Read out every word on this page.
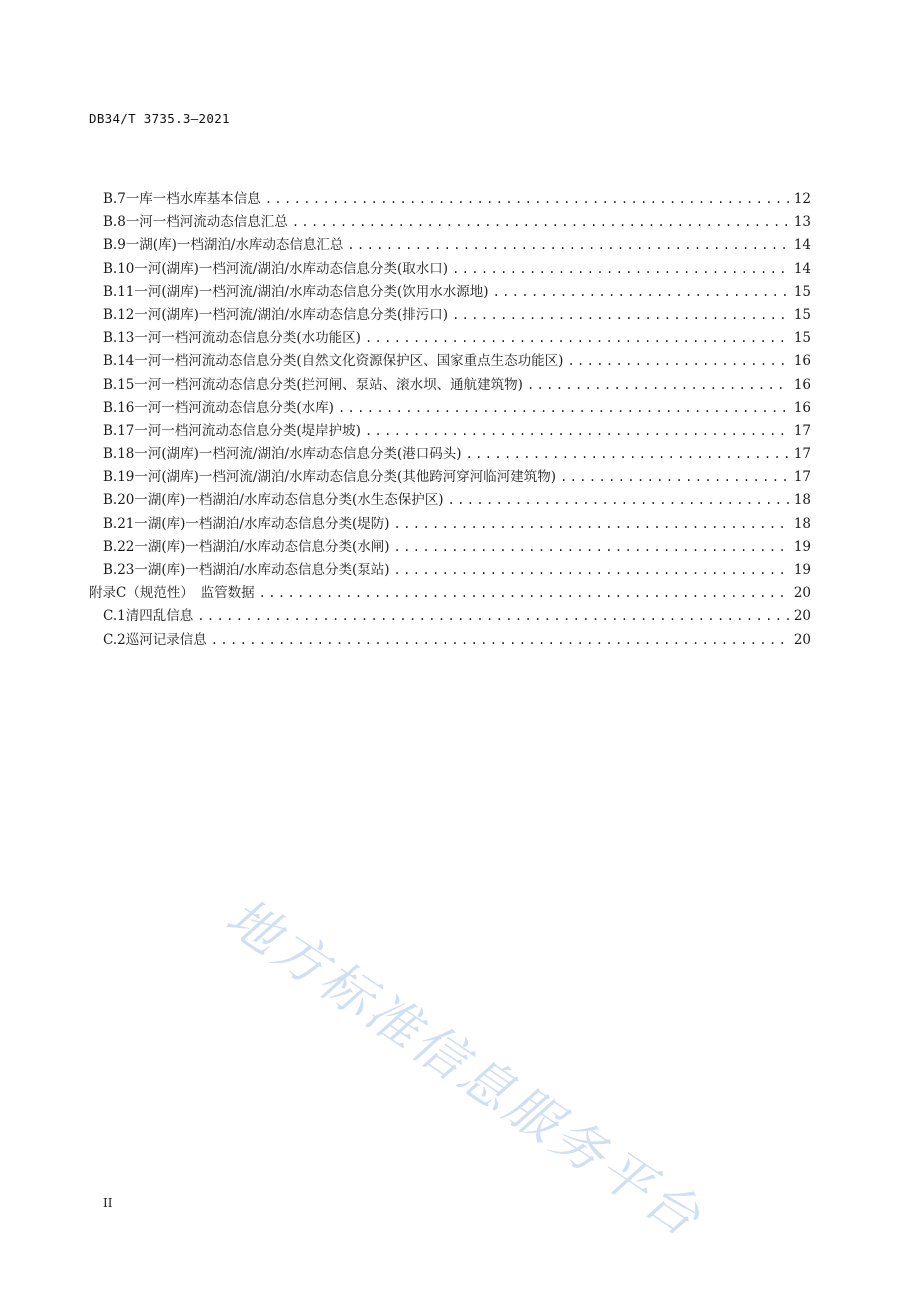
DB34/T 3735.3—2021
B.7 一库一档水库基本信息 .....	12
B.8 一河一档河流动态信息汇总 .....	13
B.9 一湖(库)一档湖泊/水库动态信息汇总 .....	14
B.10 一河(湖库)一档河流/湖泊/水库动态信息分类(取水口) .....	14
B.11 一河(湖库)一档河流/湖泊/水库动态信息分类(饮用水水源地) .....	15
B.12 一河(湖库)一档河流/湖泊/水库动态信息分类(排污口) .....	15
B.13 一河一档河流动态信息分类(水功能区) .....	15
B.14 一河一档河流动态信息分类(自然文化资源保护区、国家重点生态功能区) .....	16
B.15 一河一档河流动态信息分类(拦河闸、泵站、滚水坝、通航建筑物) .....	16
B.16 一河一档河流动态信息分类(水库) .....	16
B.17 一河一档河流动态信息分类(堤岸护坡) .....	17
B.18 一河(湖库)一档河流/湖泊/水库动态信息分类(港口码头) .....	17
B.19 一河(湖库)一档河流/湖泊/水库动态信息分类(其他跨河穿河临河建筑物) .....	17
B.20 一湖(库)一档湖泊/水库动态信息分类(水生态保护区) .....	18
B.21 一湖(库)一档湖泊/水库动态信息分类(堤防) .....	18
B.22 一湖(库)一档湖泊/水库动态信息分类(水闸) .....	19
B.23 一湖(库)一档湖泊/水库动态信息分类(泵站) .....	19
附录C（规范性）　监管数据 .....	20
C.1 清四乱信息 .....	20
C.2 巡河记录信息 .....	20
地方标准信息服务平台
II
